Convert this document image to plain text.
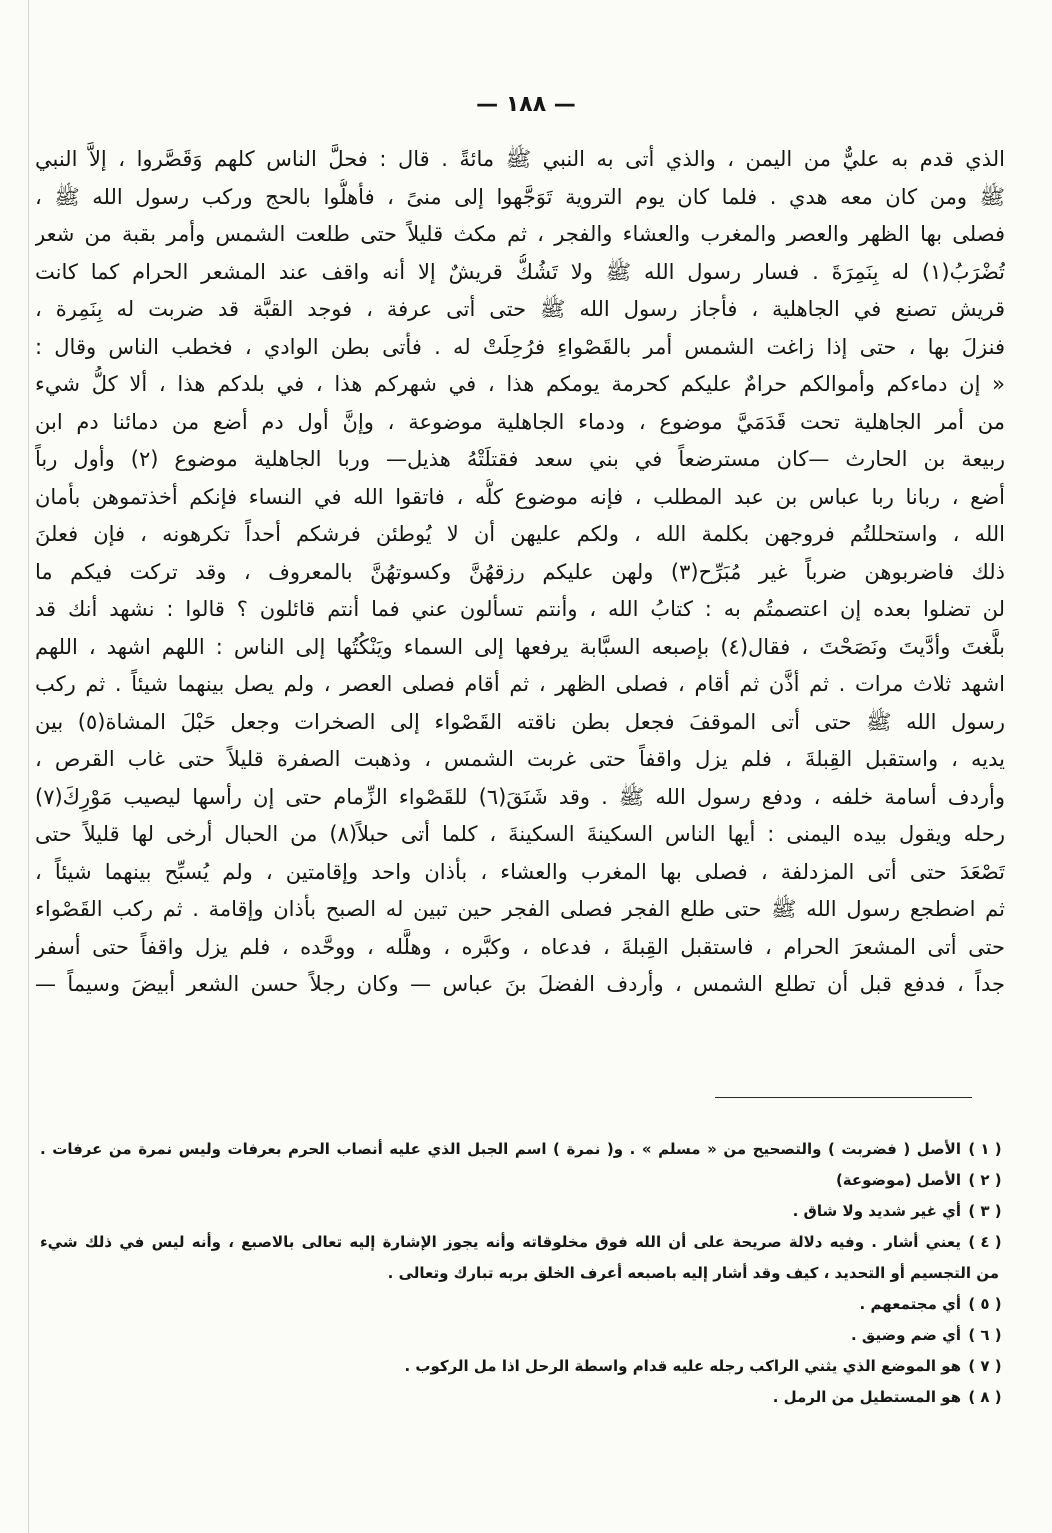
— ١٨٨ —
الذي قدم به عليٌّ من اليمن ، والذي أتى به النبي ﷺ مائةً . قال : فحلَّ الناس كلهم وَقَصَّروا ، إلاَّ النبي
ﷺ ومن كان معه هدي . فلما كان يوم التروية تَوَجَّهوا إلى منىً ، فأهلُّوا بالحج وركب رسول الله ﷺ ،
فصلى بها الظهر والعصر والمغرب والعشاء والفجر ، ثم مكث قليلاً حتى طلعت الشمس وأمر بقبة من شعر
تُضْرَبُ(١) له بِنَمِرَةَ . فسار رسول الله ﷺ ولا تَشُكُّ قريشٌ إلا أنه واقف عند المشعر الحرام كما كانت
قريش تصنع في الجاهلية ، فأجاز رسول الله ﷺ حتى أتى عرفة ، فوجد القبَّة قد ضربت له بِنَمِرة ،
فنزلَ بها ، حتى إذا زاغت الشمس أمر بالقَصْواءِ فرُحِلَتْ له . فأتى بطن الوادي ، فخطب الناس وقال :
« إن دماءكم وأموالكم حرامٌ عليكم كحرمة يومكم هذا ، في شهركم هذا ، في بلدكم هذا ، ألا كلُّ شيء
من أمر الجاهلية تحت قَدَمَيَّ موضوع ، ودماء الجاهلية موضوعة ، وإنَّ أول دم أضع من دمائنا دم ابن
ربيعة بن الحارث —كان مسترضعاً في بني سعد فقتلَتْهُ هذيل— وربا الجاهلية موضوع (٢) وأول رباً
أضع ، ربانا ربا عباس بن عبد المطلب ، فإنه موضوع كلُّه ، فاتقوا الله في النساء فإنكم أخذتموهن بأمان
الله ، واستحللتُم فروجهن بكلمة الله ، ولكم عليهن أن لا يُوطئن فرشكم أحداً تكرهونه ، فإن فعلنَ
ذلك فاضربوهن ضرباً غير مُبَرِّح(٣) ولهن عليكم رزقهُنَّ وكسوتهُنَّ بالمعروف ، وقد تركت فيكم ما
لن تضلوا بعده إن اعتصمتُم به : كتابُ الله ، وأنتم تسألون عني فما أنتم قائلون ؟ قالوا : نشهد أنك قد
بلَّغتَ وأدَّيتَ ونَصَحْتَ ، فقال(٤) بإصبعه السبَّابة يرفعها إلى السماء ويَنْكُتُها إلى الناس : اللهم اشهد ، اللهم
اشهد ثلاث مرات . ثم أذَّن ثم أقام ، فصلى الظهر ، ثم أقام فصلى العصر ، ولم يصل بينهما شيئاً . ثم ركب
رسول الله ﷺ حتى أتى الموقفَ فجعل بطن ناقته القَصْواء إلى الصخرات وجعل حَبْلَ المشاة(٥) بين
يديه ، واستقبل القِبلةَ ، فلم يزل واقفاً حتى غربت الشمس ، وذهبت الصفرة قليلاً حتى غاب القرص ،
وأردف أسامة خلفه ، ودفع رسول الله ﷺ . وقد شَنَقَ(٦) للقَصْواء الزِّمام حتى إن رأسها ليصيب مَوْرِكَ(٧)
رحله ويقول بيده اليمنى : أيها الناس السكينةَ السكينةَ ، كلما أتى حبلاً(٨) من الحبال أرخى لها قليلاً حتى
تَصْعَدَ حتى أتى المزدلفة ، فصلى بها المغرب والعشاء ، بأذان واحد وإقامتين ، ولم يُسبِّح بينهما شيئاً ،
ثم اضطجع رسول الله ﷺ حتى طلع الفجر فصلى الفجر حين تبين له الصبح بأذان وإقامة . ثم ركب القَصْواء
حتى أتى المشعرَ الحرام ، فاستقبل القِبلةَ ، فدعاه ، وكبَّره ، وهلَّله ، ووحَّده ، فلم يزل واقفاً حتى أسفر
جداً ، فدفع قبل أن تطلع الشمس ، وأردف الفضلَ بنَ عباس — وكان رجلاً حسن الشعر أبيضَ وسيماً —
( ١ )
الأصل ( فضربت ) والتصحيح من « مسلم » . و( نمرة ) اسم الجبل الذي عليه أنصاب الحرم بعرفات وليس نمرة من عرفات .
( ٢ )
الأصل (موضوعة)
( ٣ )
أي غير شديد ولا شاق .
( ٤ )
يعني أشار . وفيه دلالة صريحة على أن الله فوق مخلوقاته وأنه يجوز الإشارة إليه تعالى بالاصبع ، وأنه ليس في ذلك شيء
من التجسيم أو التحديد ، كيف وقد أشار إليه باصبعه أعرف الخلق بربه تبارك وتعالى .
( ٥ )
أي مجتمعهم .
( ٦ )
أي ضم وضيق .
( ٧ )
هو الموضع الذي يثني الراكب رجله عليه قدام واسطة الرحل اذا مل الركوب .
( ٨ )
هو المستطيل من الرمل .
